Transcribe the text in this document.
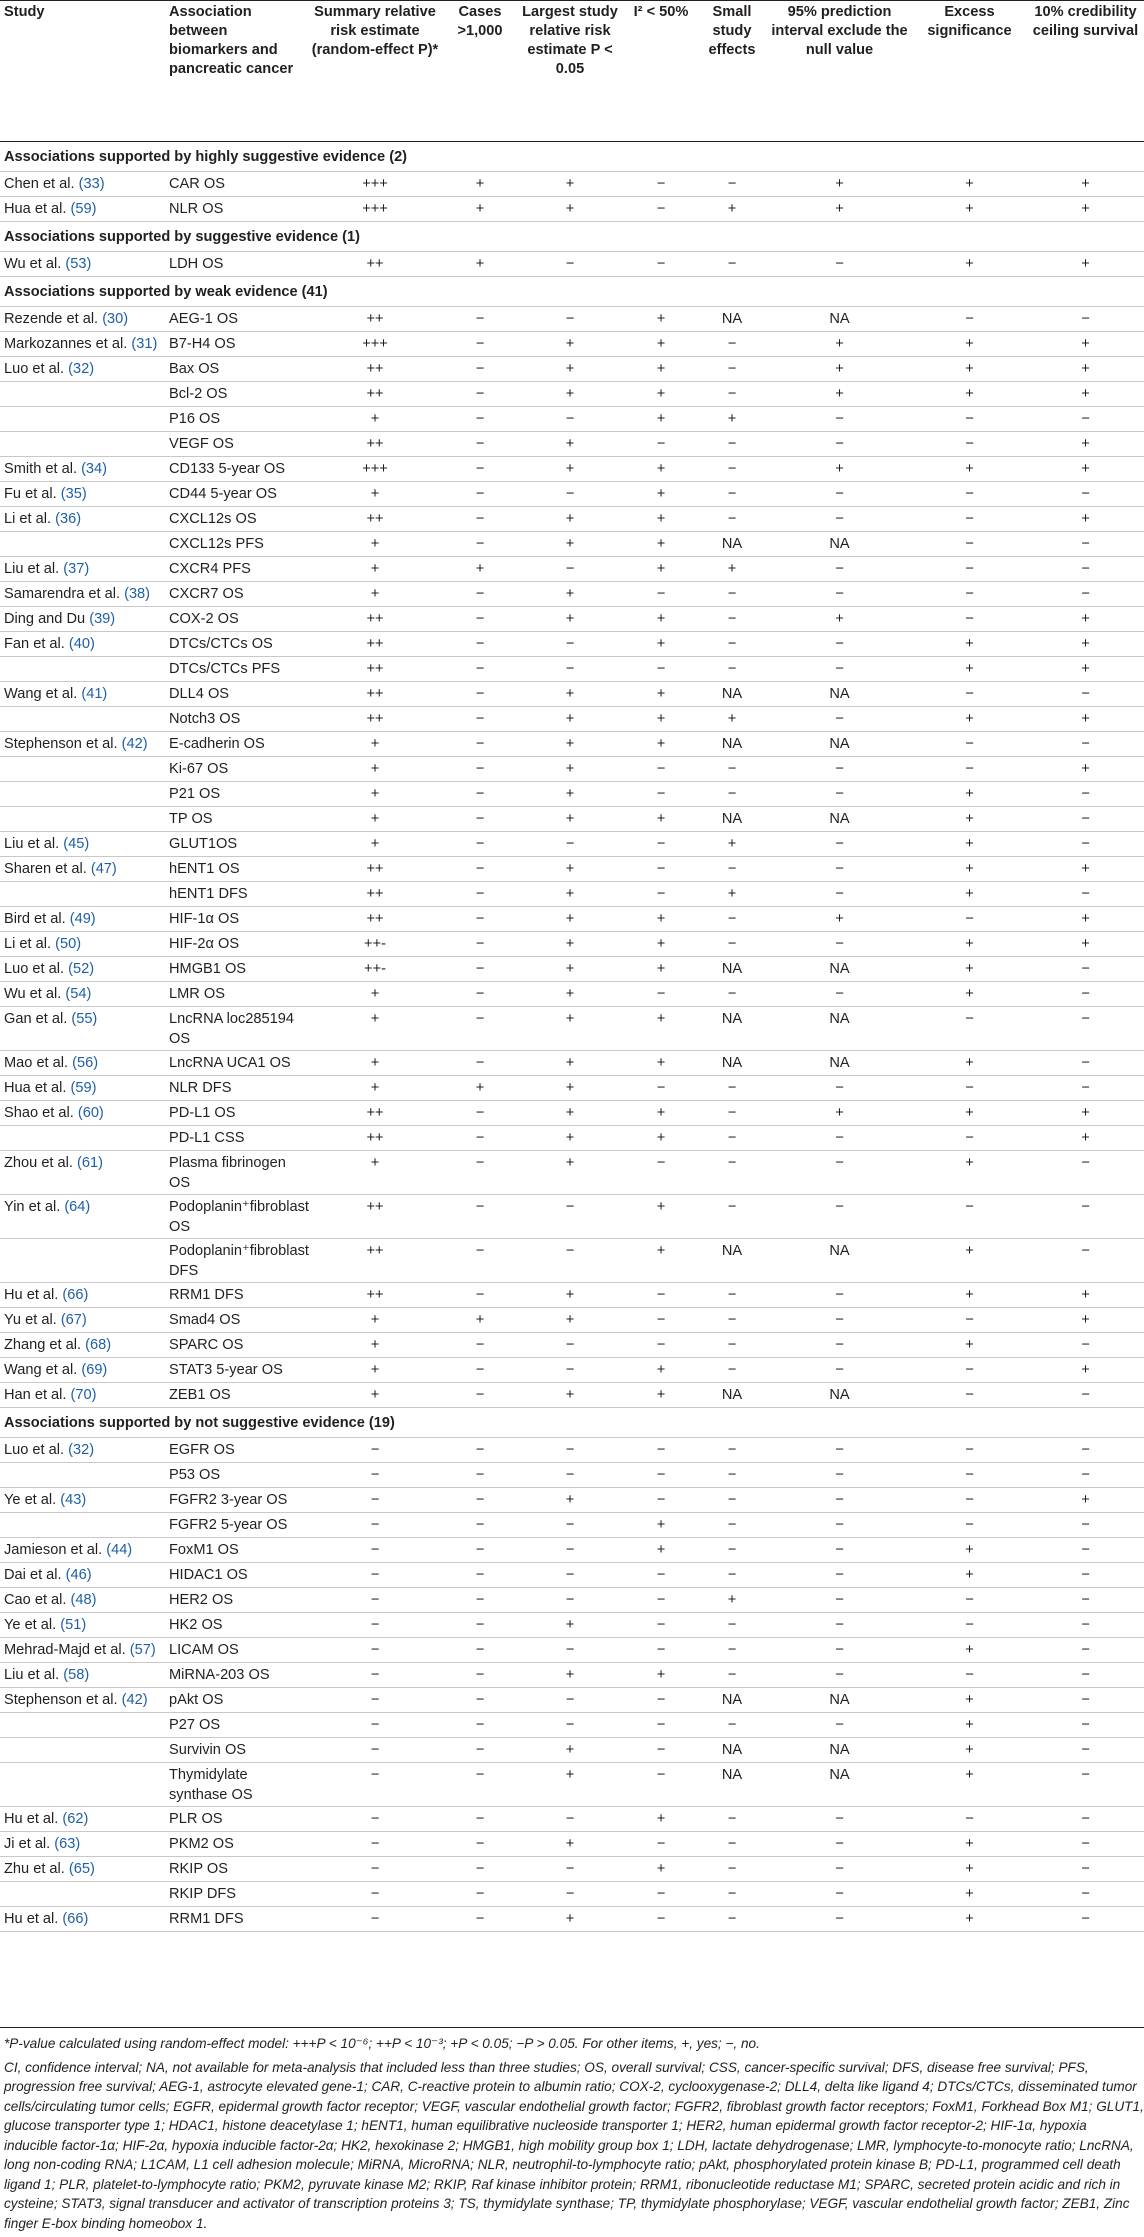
Study	Association between biomarkers and pancreatic cancer	Summary relative risk estimate (random-effect P)*	Cases >1,000	Largest study relative risk estimate P < 0.05	I² < 50%	Small study effects	95% prediction interval exclude the null value	Excess significance	10% credibility ceiling survival
Associations supported by highly suggestive evidence (2)									
Chen et al. (33)	CAR OS	+++	+	+	−	−	+	+	+
Hua et al. (59)	NLR OS	+++	+	+	−	+	+	+	+
Associations supported by suggestive evidence (1)									
Wu et al. (53)	LDH OS	++	+	−	−	−	−	+	+
Associations supported by weak evidence (41)									
Rezende et al. (30)	AEG-1 OS	++	−	−	+	NA	NA	−	−
Markozannes et al. (31)	B7-H4 OS	+++	−	+	+	−	+	+	+
Luo et al. (32)	Bax OS	++	−	+	+	−	+	+	+
	Bcl-2 OS	++	−	+	+	−	+	+	+
	P16 OS	+	−	−	+	+	−	−	−
	VEGF OS	++	−	+	−	−	−	−	+
Smith et al. (34)	CD133 5-year OS	+++	−	+	+	−	+	+	+
Fu et al. (35)	CD44 5-year OS	+	−	−	+	−	−	−	−
Li et al. (36)	CXCL12s OS	++	−	+	+	−	−	−	+
	CXCL12s PFS	+	−	+	+	NA	NA	−	−
Liu et al. (37)	CXCR4 PFS	+	+	−	+	+	−	−	−
Samarendra et al. (38)	CXCR7 OS	+	−	+	−	−	−	−	−
Ding and Du (39)	COX-2 OS	++	−	+	+	−	+	−	+
Fan et al. (40)	DTCs/CTCs OS	++	−	−	+	−	−	+	+
	DTCs/CTCs PFS	++	−	−	−	−	−	+	+
Wang et al. (41)	DLL4 OS	++	−	+	+	NA	NA	−	−
	Notch3 OS	++	−	+	+	+	−	+	+
Stephenson et al. (42)	E-cadherin OS	+	−	+	+	NA	NA	−	−
	Ki-67 OS	+	−	+	−	−	−	−	+
	P21 OS	+	−	+	−	−	−	+	−
	TP OS	+	−	+	+	NA	NA	+	−
Liu et al. (45)	GLUT1OS	+	−	−	−	+	−	+	−
Sharen et al. (47)	hENT1 OS	++	−	+	−	−	−	+	+
	hENT1 DFS	++	−	+	−	+	−	+	−
Bird et al. (49)	HIF-1α OS	++	−	+	+	−	+	−	+
Li et al. (50)	HIF-2α OS	++-	−	+	+	−	−	+	+
Luo et al. (52)	HMGB1 OS	++-	−	+	+	NA	NA	+	−
Wu et al. (54)	LMR OS	+	−	+	−	−	−	+	−
Gan et al. (55)	LncRNA loc285194 OS	+	−	+	+	NA	NA	−	−
Mao et al. (56)	LncRNA UCA1 OS	+	−	+	+	NA	NA	+	−
Hua et al. (59)	NLR DFS	+	+	+	−	−	−	−	−
Shao et al. (60)	PD-L1 OS	++	−	+	+	−	+	+	+
	PD-L1 CSS	++	−	+	+	−	−	−	+
Zhou et al. (61)	Plasma fibrinogen OS	+	−	+	−	−	−	+	−
Yin et al. (64)	Podoplanin⁺fibroblast OS	++	−	−	+	−	−	−	−
	Podoplanin⁺fibroblast DFS	++	−	−	+	NA	NA	+	−
Hu et al. (66)	RRM1 DFS	++	−	+	−	−	−	+	+
Yu et al. (67)	Smad4 OS	+	+	+	−	−	−	−	+
Zhang et al. (68)	SPARC OS	+	−	−	−	−	−	+	−
Wang et al. (69)	STAT3 5-year OS	+	−	−	+	−	−	−	+
Han et al. (70)	ZEB1 OS	+	−	+	+	NA	NA	−	−
Associations supported by not suggestive evidence (19)									
Luo et al. (32)	EGFR OS	−	−	−	−	−	−	−	−
	P53 OS	−	−	−	−	−	−	−	−
Ye et al. (43)	FGFR2 3-year OS	−	−	+	−	−	−	−	+
	FGFR2 5-year OS	−	−	−	+	−	−	−	−
Jamieson et al. (44)	FoxM1 OS	−	−	−	+	−	−	+	−
Dai et al. (46)	HIDAC1 OS	−	−	−	−	−	−	+	−
Cao et al. (48)	HER2 OS	−	−	−	−	+	−	−	−
Ye et al. (51)	HK2 OS	−	−	+	−	−	−	−	−
Mehrad-Majd et al. (57)	LICAM OS	−	−	−	−	−	−	+	−
Liu et al. (58)	MiRNA-203 OS	−	−	+	+	−	−	−	−
Stephenson et al. (42)	pAkt OS	−	−	−	−	NA	NA	+	−
	P27 OS	−	−	−	−	−	−	+	−
	Survivin OS	−	−	+	−	NA	NA	+	−
	Thymidylate synthase OS	−	−	+	−	NA	NA	+	−
Hu et al. (62)	PLR OS	−	−	−	+	−	−	−	−
Ji et al. (63)	PKM2 OS	−	−	+	−	−	−	+	−
Zhu et al. (65)	RKIP OS	−	−	−	+	−	−	+	−
	RKIP DFS	−	−	−	−	−	−	+	−
Hu et al. (66)	RRM1 DFS	−	−	+	−	−	−	+	−

*P-value calculated using random-effect model: +++P < 10⁻⁶; ++P < 10⁻³; +P < 0.05; −P > 0.05. For other items, +, yes; −, no.

CI, confidence interval; NA, not available for meta-analysis that included less than three studies; OS, overall survival; CSS, cancer-specific survival; DFS, disease free survival; PFS, progression free survival; AEG-1, astrocyte elevated gene-1; CAR, C-reactive protein to albumin ratio; COX-2, cyclooxygenase-2; DLL4, delta like ligand 4; DTCs/CTCs, disseminated tumor cells/circulating tumor cells; EGFR, epidermal growth factor receptor; VEGF, vascular endothelial growth factor; FGFR2, fibroblast growth factor receptors; FoxM1, Forkhead Box M1; GLUT1, glucose transporter type 1; HDAC1, histone deacetylase 1; hENT1, human equilibrative nucleoside transporter 1; HER2, human epidermal growth factor receptor-2; HIF-1α, hypoxia inducible factor-1α; HIF-2α, hypoxia inducible factor-2α; HK2, hexokinase 2; HMGB1, high mobility group box 1; LDH, lactate dehydrogenase; LMR, lymphocyte-to-monocyte ratio; LncRNA, long non-coding RNA; L1CAM, L1 cell adhesion molecule; MiRNA, MicroRNA; NLR, neutrophil-to-lymphocyte ratio; pAkt, phosphorylated protein kinase B; PD-L1, programmed cell death ligand 1; PLR, platelet-to-lymphocyte ratio; PKM2, pyruvate kinase M2; RKIP, Raf kinase inhibitor protein; RRM1, ribonucleotide reductase M1; SPARC, secreted protein acidic and rich in cysteine; STAT3, signal transducer and activator of transcription proteins 3; TS, thymidylate synthase; TP, thymidylate phosphorylase; VEGF, vascular endothelial growth factor; ZEB1, Zinc finger E-box binding homeobox 1.
